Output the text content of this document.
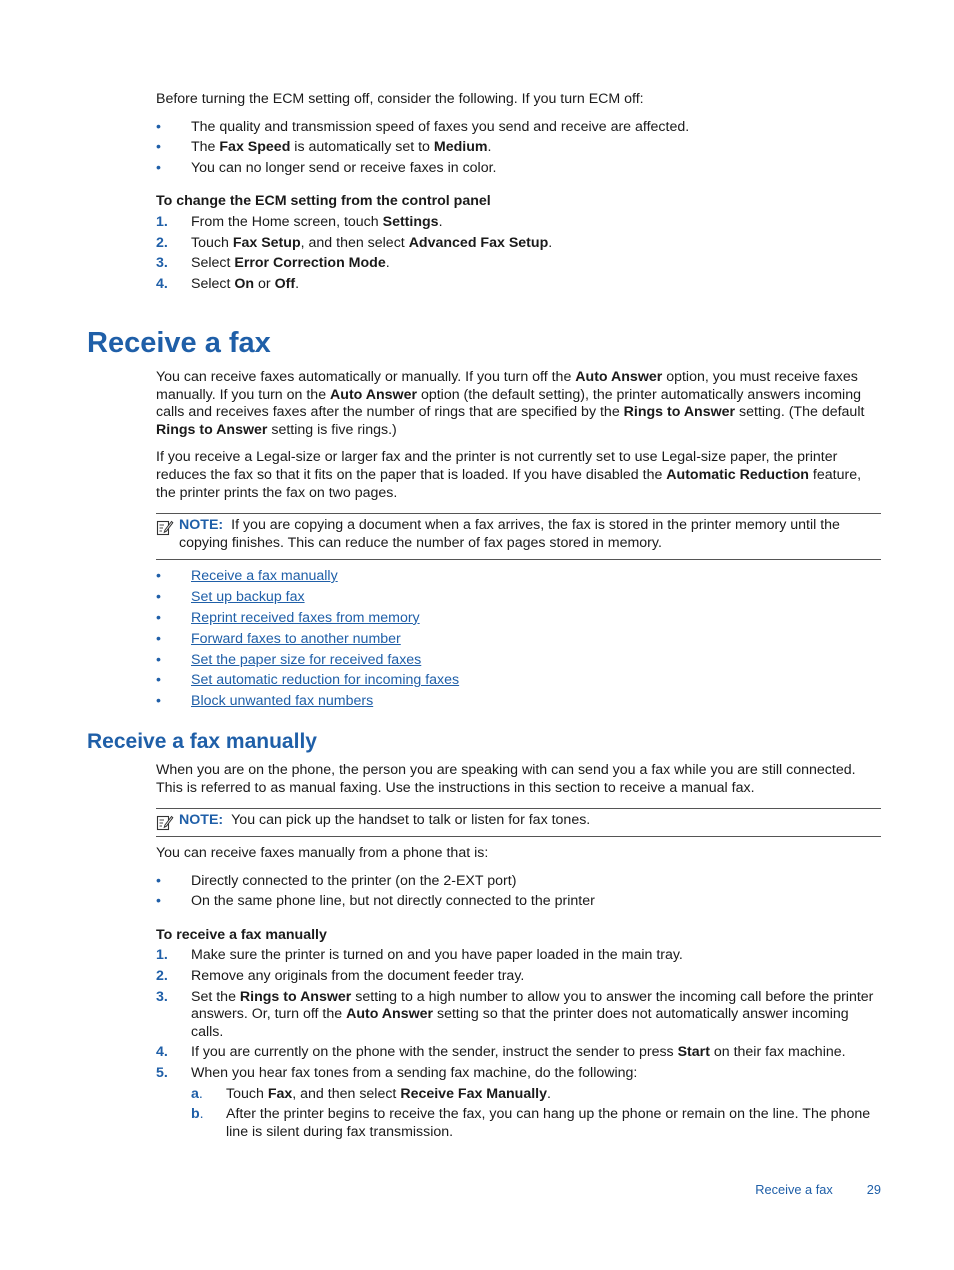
Before turning the ECM setting off, consider the following. If you turn ECM off:

• The quality and transmission speed of faxes you send and receive are affected.
• The Fax Speed is automatically set to Medium.
• You can no longer send or receive faxes in color.

To change the ECM setting from the control panel

1. From the Home screen, touch Settings.
2. Touch Fax Setup, and then select Advanced Fax Setup.
3. Select Error Correction Mode.
4. Select On or Off.
Receive a fax

You can receive faxes automatically or manually. If you turn off the Auto Answer option, you must receive faxes manually. If you turn on the Auto Answer option (the default setting), the printer automatically answers incoming calls and receives faxes after the number of rings that are specified by the Rings to Answer setting. (The default Rings to Answer setting is five rings.)

If you receive a Legal-size or larger fax and the printer is not currently set to use Legal-size paper, the printer reduces the fax so that it fits on the paper that is loaded. If you have disabled the Automatic Reduction feature, the printer prints the fax on two pages.

NOTE: If you are copying a document when a fax arrives, the fax is stored in the printer memory until the copying finishes. This can reduce the number of fax pages stored in memory.
• Receive a fax manually
• Set up backup fax
• Reprint received faxes from memory
• Forward faxes to another number
• Set the paper size for received faxes
• Set automatic reduction for incoming faxes
• Block unwanted fax numbers
Receive a fax manually

When you are on the phone, the person you are speaking with can send you a fax while you are still connected. This is referred to as manual faxing. Use the instructions in this section to receive a manual fax.

NOTE: You can pick up the handset to talk or listen for fax tones.

You can receive faxes manually from a phone that is:

• Directly connected to the printer (on the 2-EXT port)
• On the same phone line, but not directly connected to the printer

To receive a fax manually

1. Make sure the printer is turned on and you have paper loaded in the main tray.
2. Remove any originals from the document feeder tray.
3. Set the Rings to Answer setting to a high number to allow you to answer the incoming call before the printer answers. Or, turn off the Auto Answer setting so that the printer does not automatically answer incoming calls.
4. If you are currently on the phone with the sender, instruct the sender to press Start on their fax machine.
5. When you hear fax tones from a sending fax machine, do the following:
a. Touch Fax, and then select Receive Fax Manually.
b. After the printer begins to receive the fax, you can hang up the phone or remain on the line. The phone line is silent during fax transmission.
Receive a fax	29
